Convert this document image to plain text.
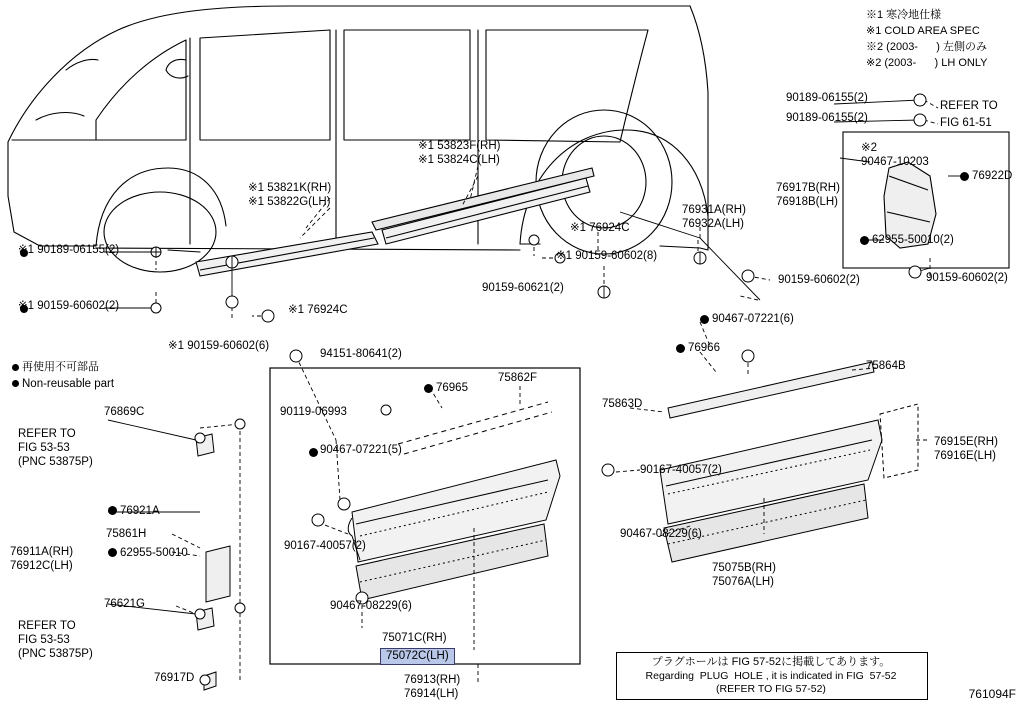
※1 寒冷地仕様
※1 COLD AREA SPEC
※2 (2003-      ) 左側のみ
※2 (2003-      ) LH ONLY
90189-06155(2)
90189-06155(2)
REFER TO
FIG 61-51
※2
90467-10203
76922D
76917B(RH)
76918B(LH)
62955-50010(2)
90159-60602(2)
※1 53823F(RH)
※1 53824C(LH)
※1 53821K(RH)
※1 53822G(LH)
※1 76924C
※1 90159-60602(8)
※1 90189-06155(2)
※1 90159-60602(2)	※1 76924C
※1 90159-60602(6)
90159-60621(2)
76931A(RH)
76932A(LH)
90159-60602(2)
再使用不可部品
Non-reusable part
94151-80641(2)
76965
75862F
90119-06993
90467-07221(5)
90167-40057(2)
90467-08229(6)
75071C(RH)
75072C(LH)
76913(RH)
76914(LH)
90467-07221(6)
76966
75864B
75863D
90167-40057(2)
90467-08229(6)
75075B(RH)
75076A(LH)
76915E(RH)
76916E(LH)
76869C
REFER TO
FIG 53-53
(PNC 53875P)
76921A
75861H
62955-50010
76911A(RH)
76912C(LH)
76621G
REFER TO
FIG 53-53
(PNC 53875P)
76917D
プラグホールは FIG 57-52に掲載してあります。
Regarding  PLUG  HOLE , it is indicated in FIG  57-52
(REFER TO FIG 57-52)	761094F
